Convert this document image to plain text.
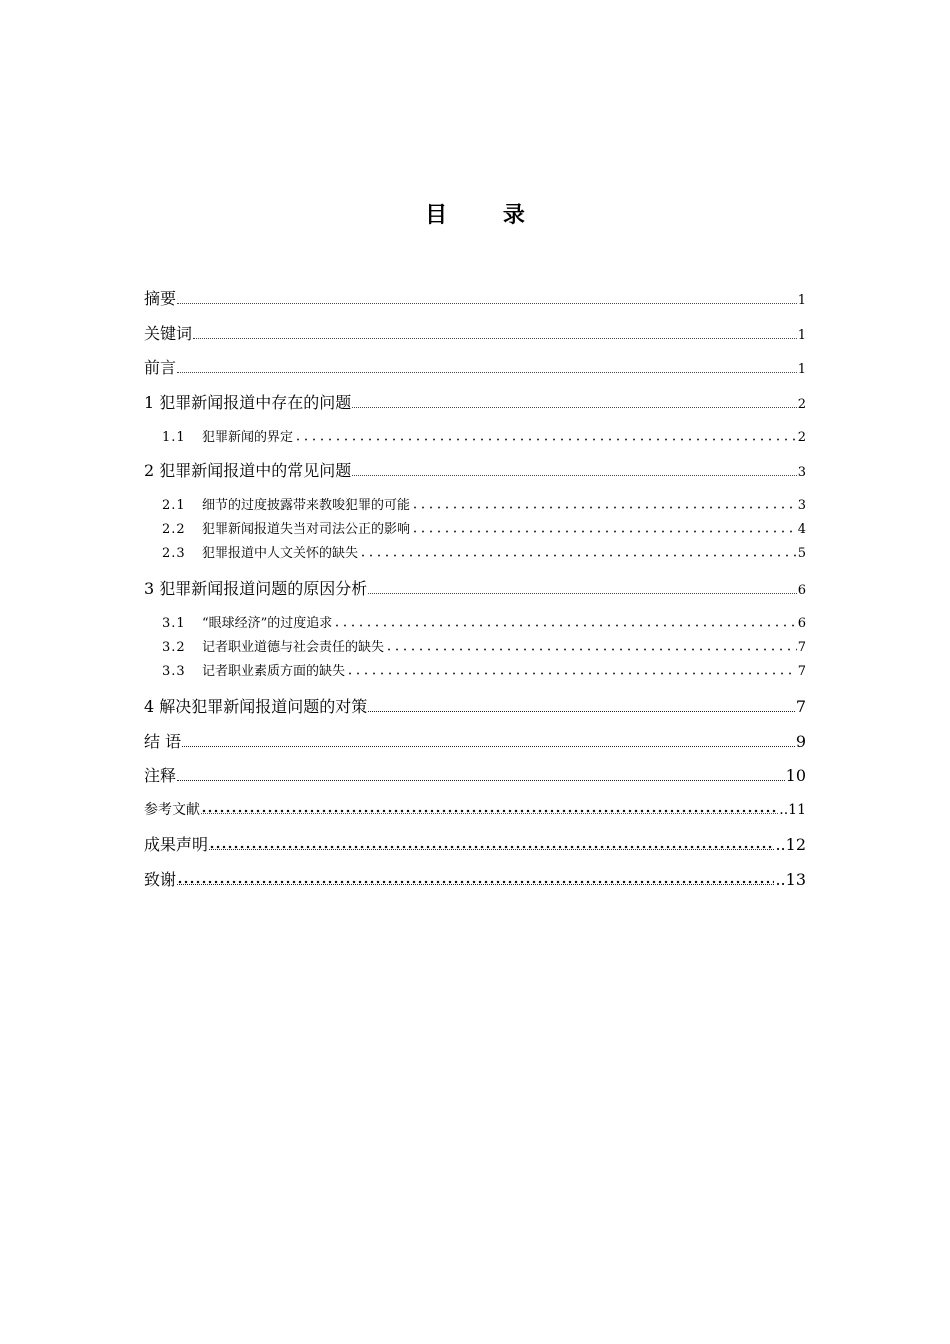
目 录
摘要	1
关键词	1
前言	1
1 犯罪新闻报道中存在的问题	2
1.1 犯罪新闻的界定	2
2 犯罪新闻报道中的常见问题	3
2.1 细节的过度披露带来教唆犯罪的可能	3
2.2 犯罪新闻报道失当对司法公正的影响	4
2.3 犯罪报道中人文关怀的缺失	5
3 犯罪新闻报道问题的原因分析	6
3.1 “眼球经济”的过度追求	6
3.2 记者职业道德与社会责任的缺失	7
3.3 记者职业素质方面的缺失	7
4 解决犯罪新闻报道问题的对策	7
结 语	9
注释	10
参考文献	..11
成果声明	..12
致谢	..13
